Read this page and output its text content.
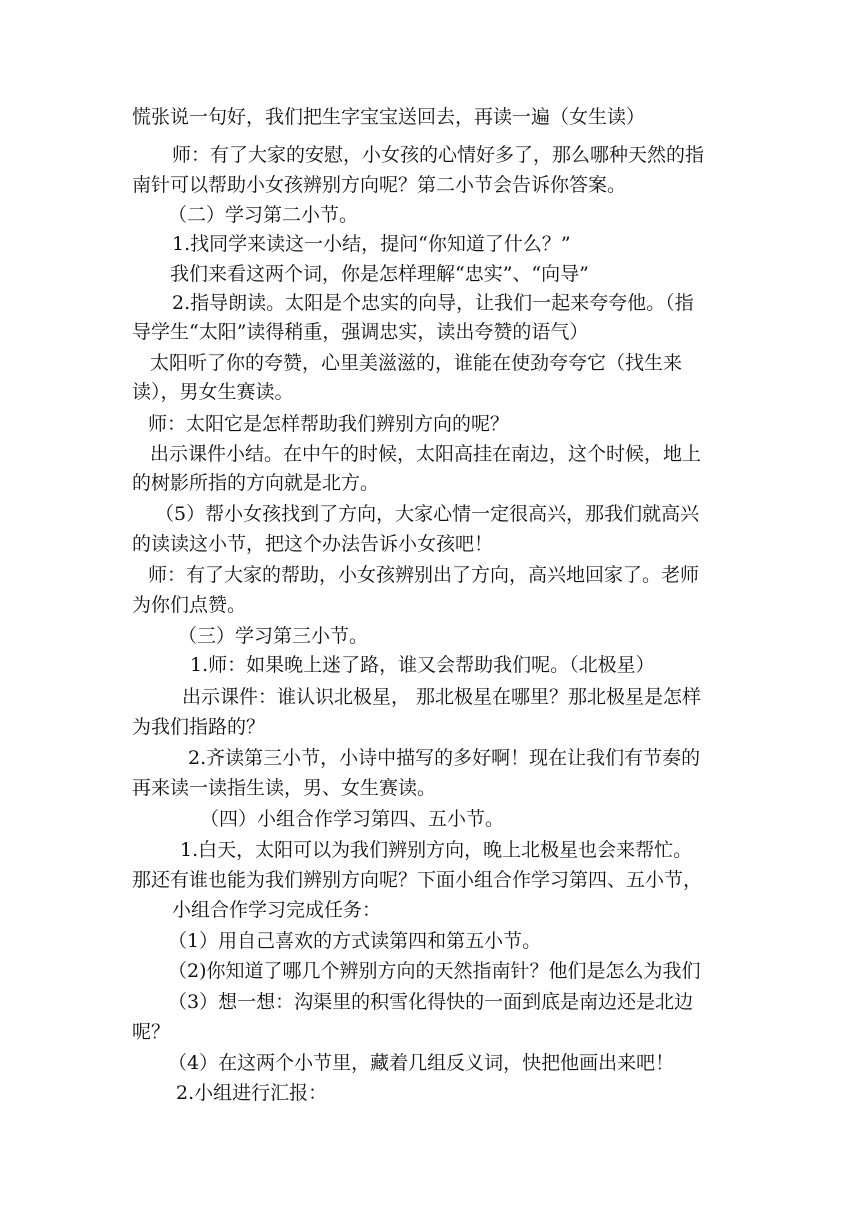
慌张说一句好，我们把生字宝宝送回去，再读一遍（女生读）
师：有了大家的安慰，小女孩的心情好多了，那么哪种天然的指
南针可以帮助小女孩辨别方向呢？第二小节会告诉你答案。
（二）学习第二小节。
1.找同学来读这一小结，提问“你知道了什么？”
我们来看这两个词，你是怎样理解“忠实”、“向导”
2.指导朗读。太阳是个忠实的向导，让我们一起来夸夸他。（指
导学生“太阳”读得稍重，强调忠实，读出夸赞的语气）
太阳听了你的夸赞，心里美滋滋的，谁能在使劲夸夸它（找生来
读），男女生赛读。
师：太阳它是怎样帮助我们辨别方向的呢？
出示课件小结。在中午的时候，太阳高挂在南边，这个时候，地上
的树影所指的方向就是北方。
（5）帮小女孩找到了方向，大家心情一定很高兴，那我们就高兴
的读读这小节，把这个办法告诉小女孩吧！
师：有了大家的帮助，小女孩辨别出了方向，高兴地回家了。老师
为你们点赞。
（三）学习第三小节。
1.师：如果晚上迷了路，谁又会帮助我们呢。（北极星）
出示课件：谁认识北极星， 那北极星在哪里？那北极星是怎样
为我们指路的？
2.齐读第三小节，小诗中描写的多好啊！现在让我们有节奏的
再来读一读指生读，男、女生赛读。
（四）小组合作学习第四、五小节。
1.白天，太阳可以为我们辨别方向，晚上北极星也会来帮忙。
那还有谁也能为我们辨别方向呢？下面小组合作学习第四、五小节，
小组合作学习完成任务：
（1）用自己喜欢的方式读第四和第五小节。
（2)你知道了哪几个辨别方向的天然指南针？他们是怎么为我们
（3）想一想：沟渠里的积雪化得快的一面到底是南边还是北边
呢？
（4）在这两个小节里，藏着几组反义词，快把他画出来吧！
2.小组进行汇报：
